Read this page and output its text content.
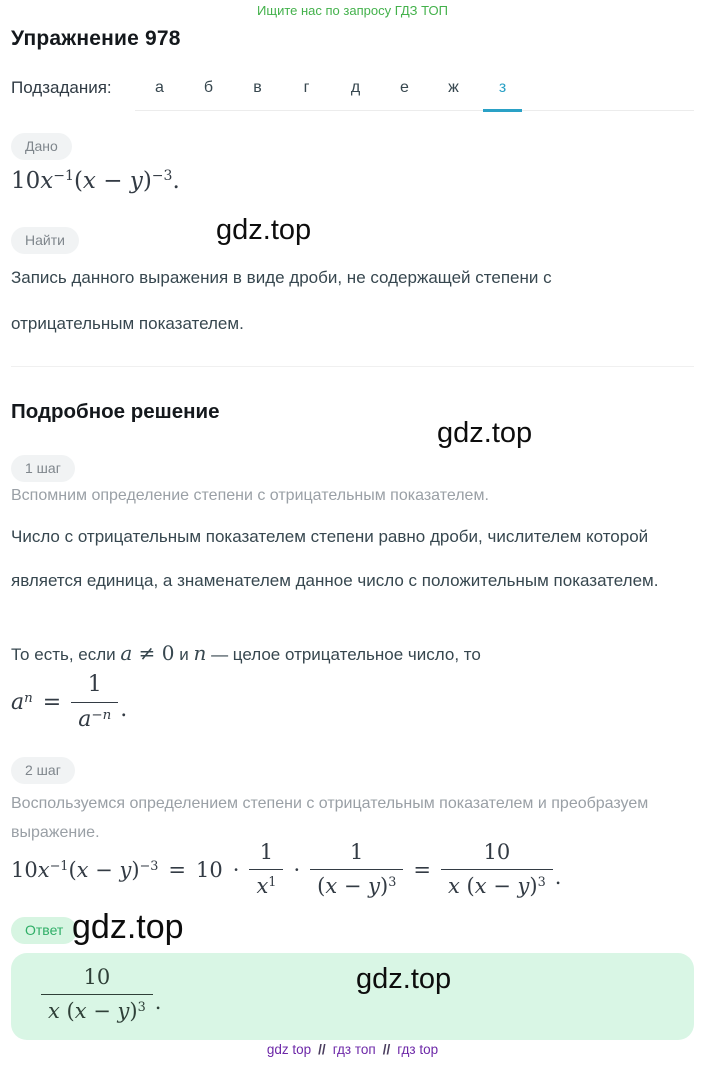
Ищите нас по запросу ГДЗ ТОП
Упражнение 978
Подзадания:	а	б	в	г	д	е	ж	з
Дано
$10x^{-1}(x - y)^{-3}$.
gdz.top
Найти
Запись данного выражения в виде дроби, не содержащей степени с отрицательным показателем.
Подробное решение
gdz.top
1 шаг
Вспомним определение степени с отрицательным показателем.
Число с отрицательным показателем степени равно дроби, числителем которой является единица, а знаменателем данное число с положительным показателем.
То есть, если a ≠ 0 и n — целое отрицательное число, то
$a^n = \frac{1}{a^{-n}}$ .
2 шаг
Воспользуемся определением степени с отрицательным показателем и преобразуем выражение.
$10x^{-1}(x - y)^{-3} = 10 \cdot \frac{1}{x^1} \cdot \frac{1}{(x - y)^3} = \frac{10}{x (x - y)^3}$ .
Ответ gdz.top
$\frac{10}{x (x - y)^3}$ .
gdz.top
gdz top // гдз топ // гдз top
